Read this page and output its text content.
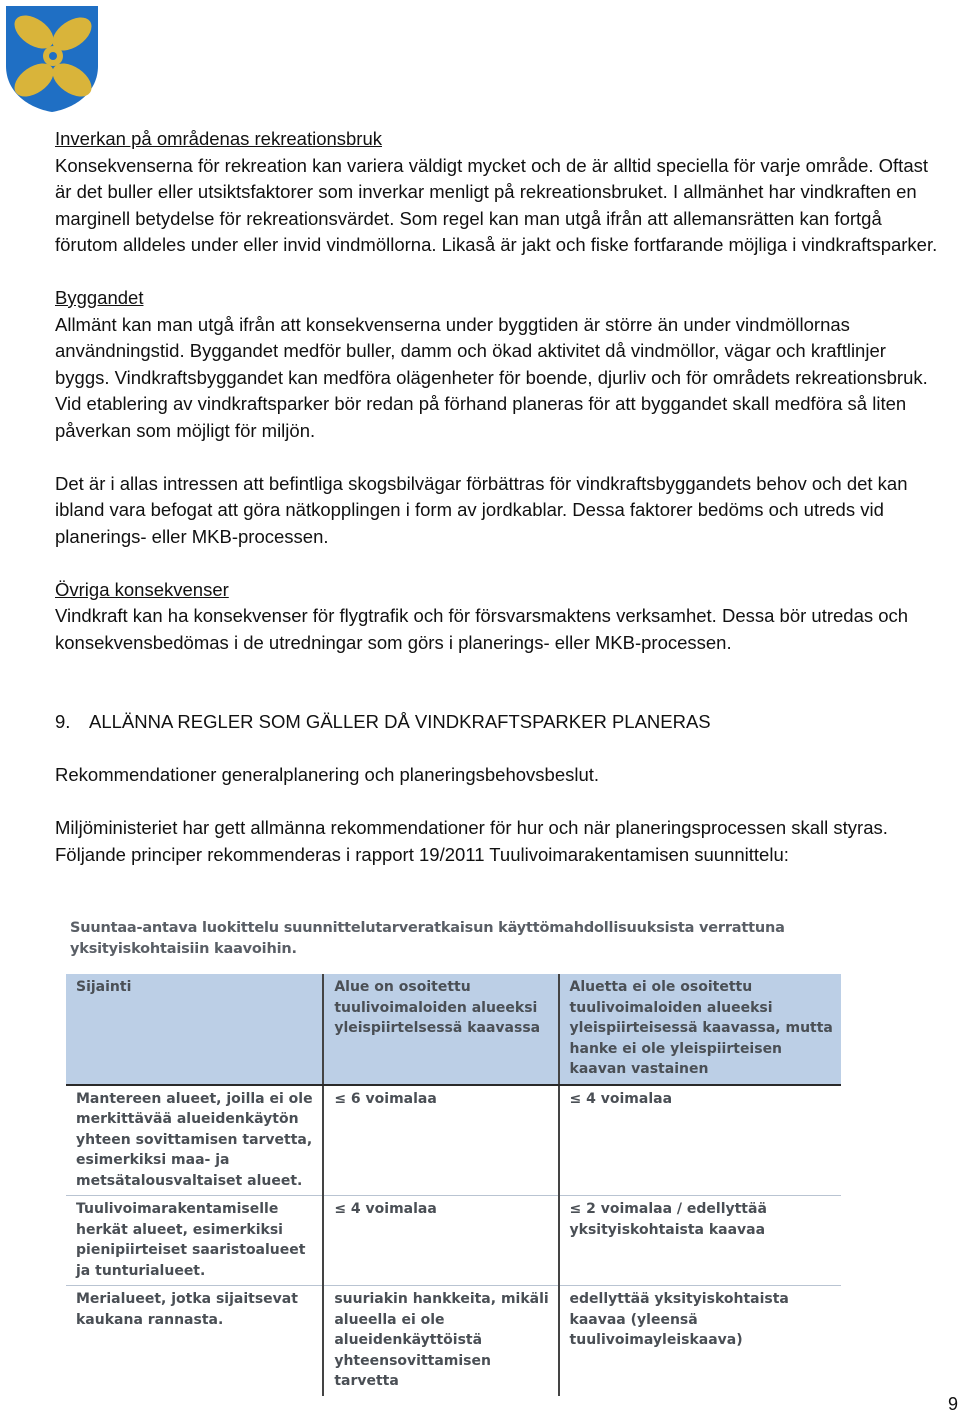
Inverkan på områdenas rekreationsbruk

Konsekvenserna för rekreation kan variera väldigt mycket och de är alltid speciella för varje område. Oftast är det buller eller utsiktsfaktorer som inverkar menligt på rekreationsbruket. I allmänhet har vindkraften en marginell betydelse för rekreationsvärdet. Som regel kan man utgå ifrån att allemansrätten kan fortgå förutom alldeles under eller invid vindmöllorna. Likaså är jakt och fiske fortfarande möjliga i vindkraftsparker.

Byggandet

Allmänt kan man utgå ifrån att konsekvenserna under byggtiden är större än under vindmöllornas användningstid. Byggandet medför buller, damm och ökad aktivitet då vindmöllor, vägar och kraftlinjer byggs. Vindkraftsbyggandet kan medföra olägenheter för boende, djurliv och för områdets rekreationsbruk. Vid etablering av vindkraftsparker bör redan på förhand planeras för att byggandet skall medföra så liten påverkan som möjligt för miljön.

Det är i allas intressen att befintliga skogsbilvägar förbättras för vindkraftsbyggandets behov och det kan ibland vara befogat att göra nätkopplingen i form av jordkablar. Dessa faktorer bedöms och utreds vid planerings- eller MKB-processen.

Övriga konsekvenser

Vindkraft kan ha konsekvenser för flygtrafik och för försvarsmaktens verksamhet. Dessa bör utredas och konsekvensbedömas i de utredningar som görs i planerings- eller MKB-processen.

9. ALLÄNNA REGLER SOM GÄLLER DÅ VINDKRAFTSPARKER PLANERAS

Rekommendationer generalplanering och planeringsbehovsbeslut.

Miljöministeriet har gett allmänna rekommendationer för hur och när planeringsprocessen skall styras. Följande principer rekommenderas i rapport 19/2011 Tuulivoimarakentamisen suunnittelu:

Suuntaa-antava luokittelu suunnittelutarveratkaisun käyttömahdollisuuksista verrattuna yksityiskohtaisiin kaavoihin.

Sijainti	Alue on osoitettu tuulivoimaloiden alueeksi yleispiirtelsessä kaavassa	Aluetta ei ole osoitettu tuulivoimaloiden alueeksi yleispiirteisessä kaavassa, mutta hanke ei ole yleispiirteisen kaavan vastainen
Mantereen alueet, joilla ei ole merkittävää alueidenkäytön yhteen sovittamisen tarvetta, esimerkiksi maa- ja metsätalousvaltaiset alueet.	≤ 6 voimalaa	≤ 4 voimalaa
Tuulivoimarakentamiselle herkät alueet, esimerkiksi pienipiirteiset saaristoalueet ja tunturialueet.	≤ 4 voimalaa	≤ 2 voimalaa / edellyttää yksityiskohtaista kaavaa
Merialueet, jotka sijaitsevat kaukana rannasta.	suuriakin hankkeita, mikäli alueella ei ole alueidenkäyttöistä yhteensovittamisen tarvetta	edellyttää yksityiskohtaista kaavaa (yleensä tuulivoimayleiskaava)
9
